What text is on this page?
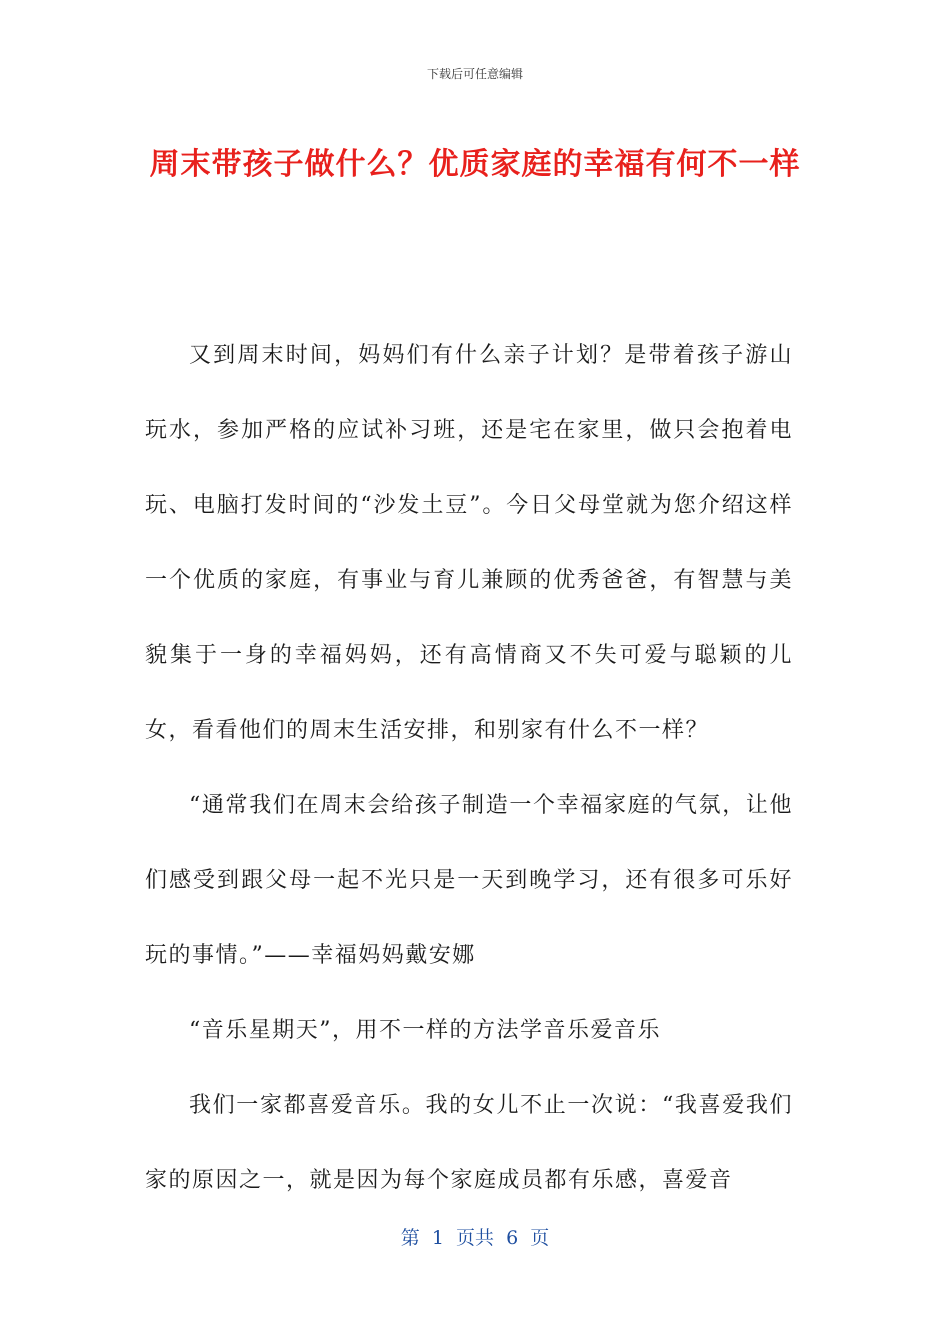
下载后可任意编辑
周末带孩子做什么？优质家庭的幸福有何不一样

又到周末时间，妈妈们有什么亲子计划？是带着孩子游山玩水，参加严格的应试补习班，还是宅在家里，做只会抱着电玩、电脑打发时间的“沙发土豆”。今日父母堂就为您介绍这样一个优质的家庭，有事业与育儿兼顾的优秀爸爸，有智慧与美貌集于一身的幸福妈妈，还有高情商又不失可爱与聪颖的儿女，看看他们的周末生活安排，和别家有什么不一样？

“通常我们在周末会给孩子制造一个幸福家庭的气氛，让他们感受到跟父母一起不光只是一天到晚学习，还有很多可乐好玩的事情。”——幸福妈妈戴安娜

“音乐星期天”，用不一样的方法学音乐爱音乐

我们一家都喜爱音乐。我的女儿不止一次说：“我喜爱我们家的原因之一，就是因为每个家庭成员都有乐感，喜爱音

第  1  页共  6  页
